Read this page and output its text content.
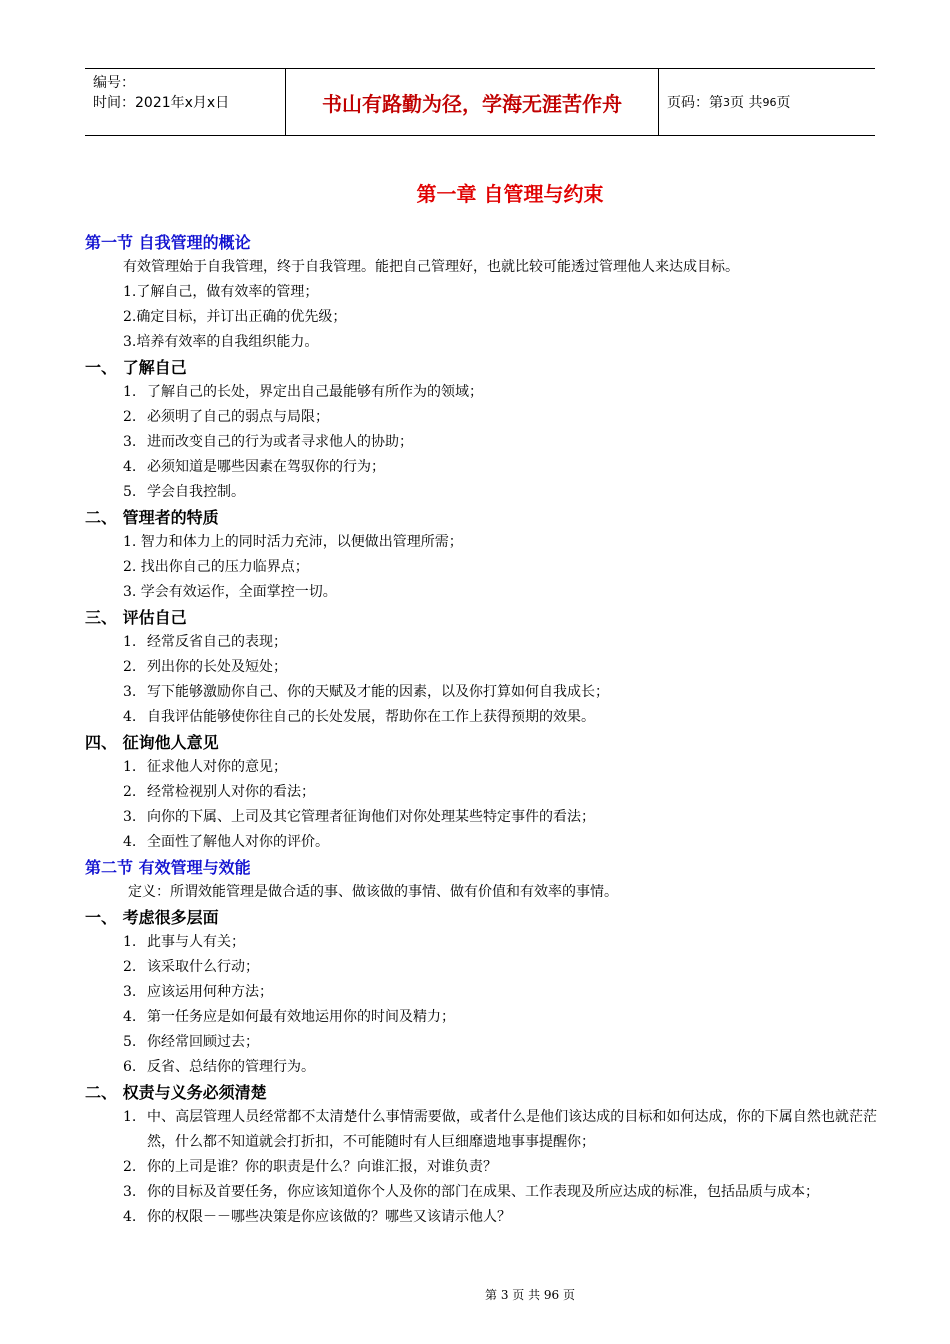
编号：
时间：2021年x月x日	书山有路勤为径，学海无涯苦作舟	页码：第 3 页 共 96 页
第一章 自管理与约束
第一节 自我管理的概论
有效管理始于自我管理，终于自我管理。能把自己管理好，也就比较可能透过管理他人来达成目标。
1.了解自己，做有效率的管理；
2.确定目标，并订出正确的优先级；
3.培养有效率的自我组织能力。
一、 了解自己
1. 了解自己的长处，界定出自己最能够有所作为的领域；
2. 必须明了自己的弱点与局限；
3. 进而改变自己的行为或者寻求他人的协助；
4. 必须知道是哪些因素在驾驭你的行为；
5. 学会自我控制。
二、 管理者的特质
1. 智力和体力上的同时活力充沛，以便做出管理所需；
2. 找出你自己的压力临界点；
3. 学会有效运作，全面掌控一切。
三、 评估自己
1. 经常反省自己的表现；
2. 列出你的长处及短处；
3. 写下能够激励你自己、你的天赋及才能的因素，以及你打算如何自我成长；
4. 自我评估能够使你往自己的长处发展，帮助你在工作上获得预期的效果。
四、 征询他人意见
1. 征求他人对你的意见；
2. 经常检视别人对你的看法；
3. 向你的下属、上司及其它管理者征询他们对你处理某些特定事件的看法；
4. 全面性了解他人对你的评价。
第二节 有效管理与效能
定义：所谓效能管理是做合适的事、做该做的事情、做有价值和有效率的事情。
一、 考虑很多层面
1. 此事与人有关；
2. 该采取什么行动；
3. 应该运用何种方法；
4. 第一任务应是如何最有效地运用你的时间及精力；
5. 你经常回顾过去；
6. 反省、总结你的管理行为。
二、 权责与义务必须清楚
1. 中、高层管理人员经常都不太清楚什么事情需要做，或者什么是他们该达成的目标和如何达成，你的下属自然也就茫茫然，什么都不知道就会打折扣，不可能随时有人巨细靡遗地事事提醒你；
2. 你的上司是谁？你的职责是什么？向谁汇报，对谁负责？
3. 你的目标及首要任务，你应该知道你个人及你的部门在成果、工作表现及所应达成的标准，包括品质与成本；
4. 你的权限－－哪些决策是你应该做的？哪些又该请示他人？
第 3 页 共 96 页
